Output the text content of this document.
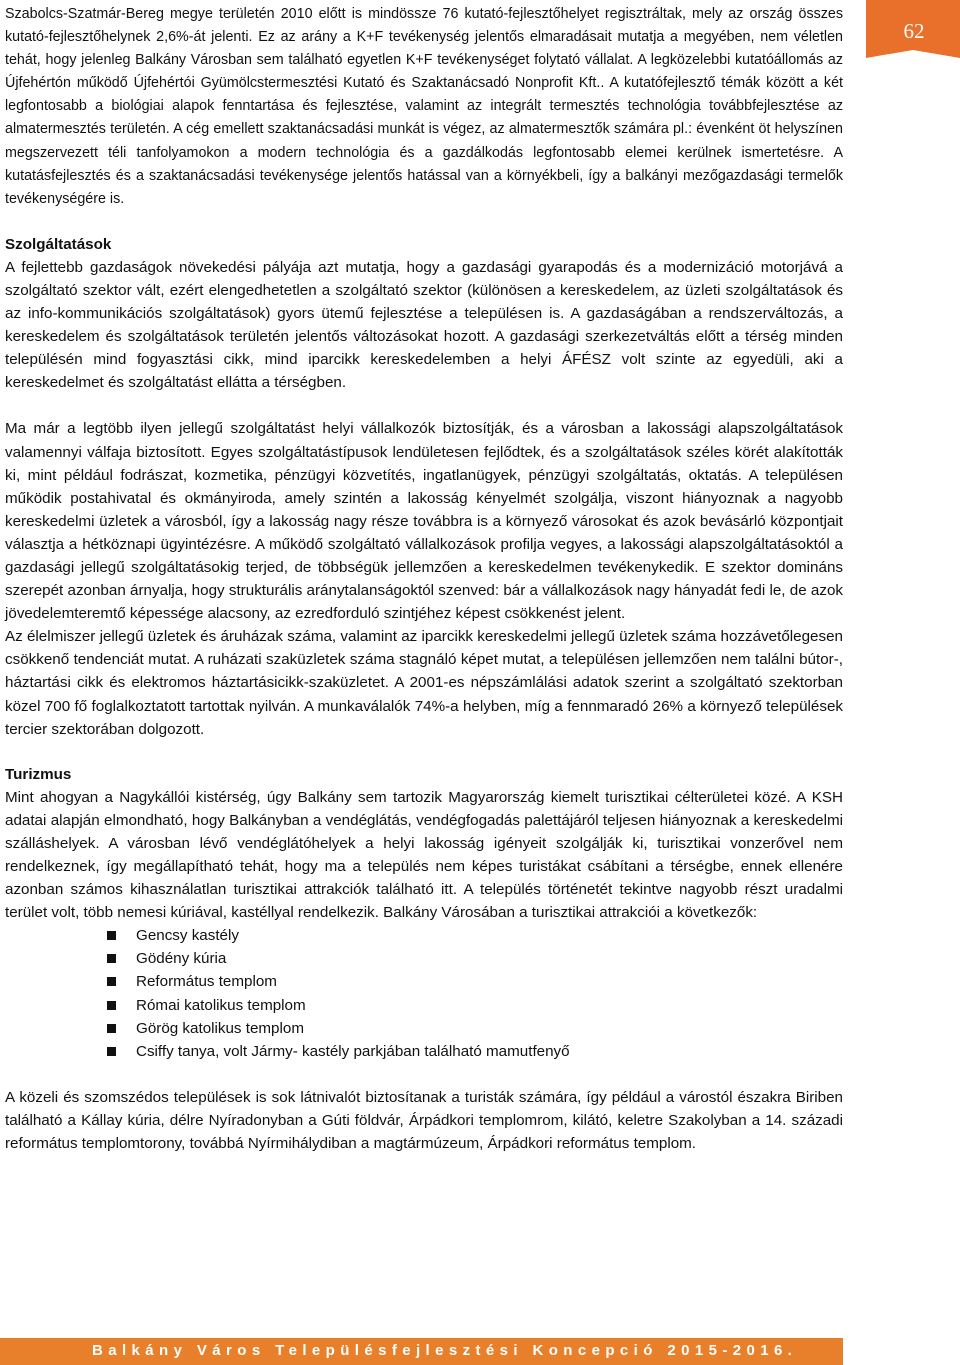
Szabolcs-Szatmár-Bereg megye területén 2010 előtt is mindössze 76 kutató-fejlesztőhelyet regisztráltak, mely az ország összes kutató-fejlesztőhelynek 2,6%-át jelenti. Ez az arány a K+F tevékenység jelentős elmaradásait mutatja a megyében, nem véletlen tehát, hogy jelenleg Balkány Városban sem található egyetlen K+F tevékenységet folytató vállalat. A legközelebbi kutatóállomás az Újfehértón működő Újfehértói Gyümölcstermesztési Kutató és Szaktanácsadó Nonprofit Kft.. A kutatófejlesztő témák között a két legfontosabb a biológiai alapok fenntartása és fejlesztése, valamint az integrált termesztés technológia továbbfejlesztése az almatermesztés területén. A cég emellett szaktanácsadási munkát is végez, az almatermesztők számára pl.: évenként öt helyszínen megszervezett téli tanfolyamokon a modern technológia és a gazdálkodás legfontosabb elemei kerülnek ismertetésre. A kutatásfejlesztés és a szaktanácsadási tevékenysége jelentős hatással van a környékbeli, így a balkányi mezőgazdasági termelők tevékenységére is.

Szolgáltatások

A fejlettebb gazdaságok növekedési pályája azt mutatja, hogy a gazdasági gyarapodás és a modernizáció motorjává a szolgáltató szektor vált, ezért elengedhetetlen a szolgáltató szektor (különösen a kereskedelem, az üzleti szolgáltatások és az info-kommunikációs szolgáltatások) gyors ütemű fejlesztése a településen is. A gazdaságában a rendszerváltozás, a kereskedelem és szolgáltatások területén jelentős változásokat hozott. A gazdasági szerkezetváltás előtt a térség minden településén mind fogyasztási cikk, mind iparcikk kereskedelemben a helyi ÁFÉSZ volt szinte az egyedüli, aki a kereskedelmet és szolgáltatást ellátta a térségben.

Ma már a legtöbb ilyen jellegű szolgáltatást helyi vállalkozók biztosítják, és a városban a lakossági alapszolgáltatások valamennyi válfaja biztosított. Egyes szolgáltatástípusok lendületesen fejlődtek, és a szolgáltatások széles körét alakították ki, mint például fodrászat, kozmetika, pénzügyi közvetítés, ingatlanügyek, pénzügyi szolgáltatás, oktatás. A településen működik postahivatal és okmányiroda, amely szintén a lakosság kényelmét szolgálja, viszont hiányoznak a nagyobb kereskedelmi üzletek a városból, így a lakosság nagy része továbbra is a környező városokat és azok bevásárló központjait választja a hétköznapi ügyintézésre. A működő szolgáltató vállalkozások profilja vegyes, a lakossági alapszolgáltatásoktól a gazdasági jellegű szolgáltatásokig terjed, de többségük jellemzően a kereskedelmen tevékenykedik. E szektor domináns szerepét azonban árnyalja, hogy strukturális aránytalanságoktól szenved: bár a vállalkozások nagy hányadát fedi le, de azok jövedelemteremtő képessége alacsony, az ezredforduló szintjéhez képest csökkenést jelent.

Az élelmiszer jellegű üzletek és áruházak száma, valamint az iparcikk kereskedelmi jellegű üzletek száma hozzávetőlegesen csökkenő tendenciát mutat. A ruházati szaküzletek száma stagnáló képet mutat, a településen jellemzően nem találni bútor-, háztartási cikk és elektromos háztartásicikk-szaküzletet. A 2001-es népszámlálási adatok szerint a szolgáltató szektorban közel 700 fő foglalkoztatott tartottak nyilván. A munkaválalók 74%-a helyben, míg a fennmaradó 26% a környező települések tercier szektorában dolgozott.

Turizmus

Mint ahogyan a Nagykállói kistérség, úgy Balkány sem tartozik Magyarország kiemelt turisztikai célterületei közé. A KSH adatai alapján elmondható, hogy Balkányban a vendéglátás, vendégfogadás palettájáról teljesen hiányoznak a kereskedelmi szálláshelyek. A városban lévő vendéglátóhelyek a helyi lakosság igényeit szolgálják ki, turisztikai vonzerővel nem rendelkeznek, így megállapítható tehát, hogy ma a település nem képes turistákat csábítani a térségbe, ennek ellenére azonban számos kihasználatlan turisztikai attrakciók található itt. A település történetét tekintve nagyobb részt uradalmi terület volt, több nemesi kúriával, kastéllyal rendelkezik. Balkány Városában a turisztikai attrakciói a következők:

Gencsy kastély
Gödény kúria
Református templom
Római katolikus templom
Görög katolikus templom
Csiffy tanya, volt Jármy- kastély parkjában található mamutfenyő

A közeli és szomszédos települések is sok látnivalót biztosítanak a turisták számára, így például a várostól északra Biriben található a Kállay kúria, délre Nyíradonyban a Gúti földvár, Árpádkori templomrom, kilátó, keletre Szakolyban a 14. századi református templomtorony, továbbá Nyírmihálydiban a magtármúzeum, Árpádkori református templom.

62
Balkány Város Településfejlesztési Koncepció 2015-2016.
